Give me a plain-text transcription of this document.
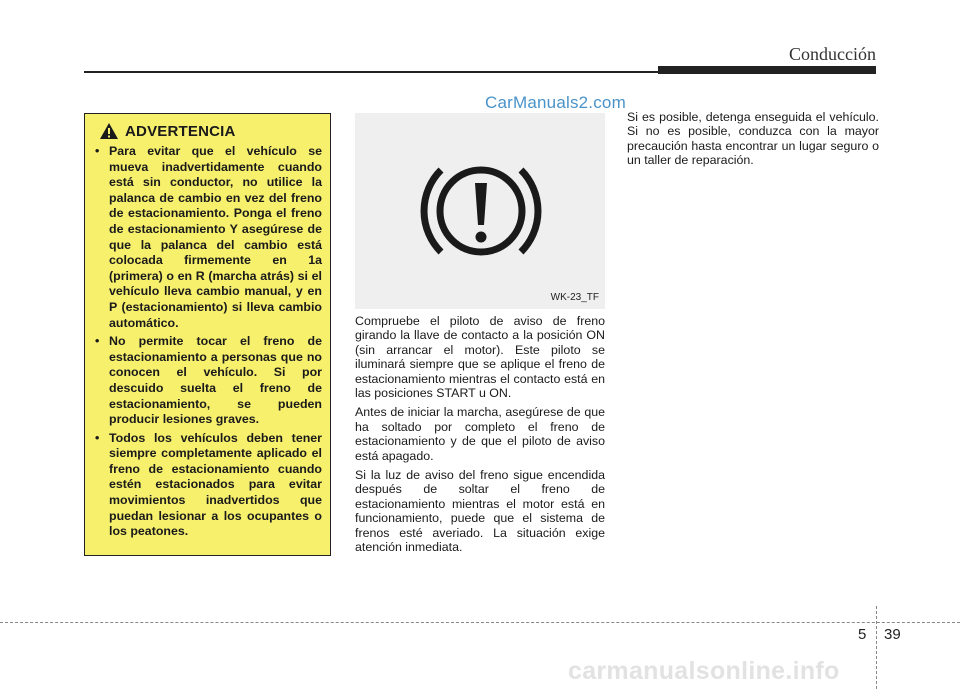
Conducción
CarManuals2.com
ADVERTENCIA
• Para evitar que el vehículo se mueva inadvertidamente cuando está sin conductor, no utilice la palanca de cambio en vez del freno de estacionamiento. Ponga el freno de estacionamiento Y asegúrese de que la palanca del cambio está colocada firmemente en 1a (primera) o en R (marcha atrás) si el vehículo lleva cambio manual, y en P (estacionamiento) si lleva cambio automático.
• No permite tocar el freno de estacionamiento a personas que no conocen el vehículo. Si por descuido suelta el freno de estacionamiento, se pueden producir lesiones graves.
• Todos los vehículos deben tener siempre completamente aplicado el freno de estacionamiento cuando estén estacionados para evitar movimientos inadvertidos que puedan lesionar a los ocupantes o los peatones.
WK-23_TF

Compruebe el piloto de aviso de freno girando la llave de contacto a la posición ON (sin arrancar el motor). Este piloto se iluminará siempre que se aplique el freno de estacionamiento mientras el contacto está en las posiciones START u ON.

Antes de iniciar la marcha, asegúrese de que ha soltado por completo el freno de estacionamiento y de que el piloto de aviso está apagado.

Si la luz de aviso del freno sigue encendida después de soltar el freno de estacionamiento mientras el motor está en funcionamiento, puede que el sistema de frenos esté averiado. La situación exige atención inmediata.

Si es posible, detenga enseguida el vehículo. Si no es posible, conduzca con la mayor precaución hasta encontrar un lugar seguro o un taller de reparación.

5 39
carmanualsonline.info
